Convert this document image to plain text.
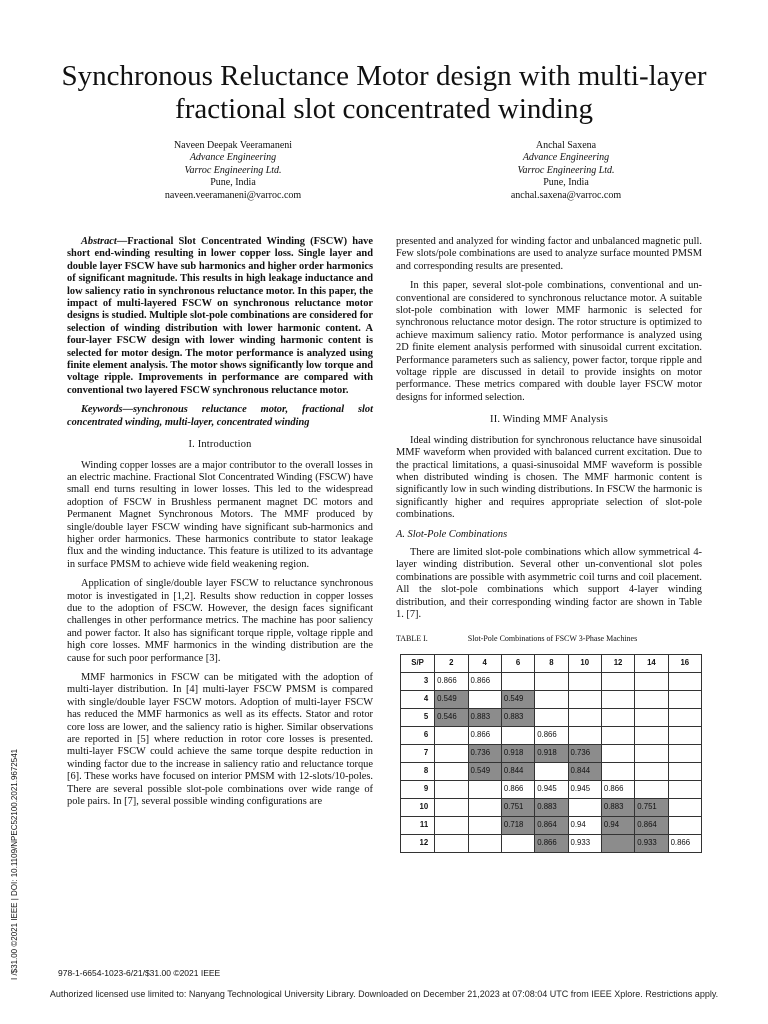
Synchronous Reluctance Motor design with multi-layer fractional slot concentrated winding
Naveen Deepak Veeramaneni
Advance Engineering
Varroc Engineering Ltd.
Pune, India
naveen.veeramaneni@varroc.com
Anchal Saxena
Advance Engineering
Varroc Engineering Ltd.
Pune, India
anchal.saxena@varroc.com

Abstract—Fractional Slot Concentrated Winding (FSCW) have short end-winding resulting in lower copper loss. Single layer and double layer FSCW have sub harmonics and higher order harmonics of significant magnitude. This results in high leakage inductance and low saliency ratio in synchronous reluctance motor. In this paper, the impact of multi-layered FSCW on synchronous reluctance motor designs is studied. Multiple slot-pole combinations are considered for selection of winding distribution with lower harmonic content. A four-layer FSCW design with lower winding harmonic content is selected for motor design. The motor performance is analyzed using finite element analysis. The motor shows significantly low torque and voltage ripple. Improvements in performance are compared with conventional two layered FSCW synchronous reluctance motor.

Keywords—synchronous reluctance motor, fractional slot concentrated winding, multi-layer, concentrated winding

I. Introduction

Winding copper losses are a major contributor to the overall losses in an electric machine. Fractional Slot Concentrated Winding (FSCW) have small end turns resulting in lower losses. This led to the widespread adoption of FSCW in Brushless permanent magnet DC motors and Permanent Magnet Synchronous Motors. The MMF produced by single/double layer FSCW winding have significant sub-harmonics and higher order harmonics. These harmonics contribute to stator leakage flux and the winding inductance. This feature is utilized to its advantage in surface PMSM to achieve wide field weakening region.

Application of single/double layer FSCW to reluctance synchronous motor is investigated in [1,2]. Results show reduction in copper losses due to the adoption of FSCW. However, the design faces significant challenges in other performance metrics. The machine has poor saliency and power factor. It also has significant torque ripple, voltage ripple and high core losses. MMF harmonics in the winding distribution are the cause for such poor performance [3].

MMF harmonics in FSCW can be mitigated with the adoption of multi-layer distribution. In [4] multi-layer FSCW PMSM is compared with single/double layer FSCW motors. Adoption of multi-layer FSCW has reduced the MMF harmonics as well as its effects. Stator and rotor core loss are lower, and the saliency ratio is higher. Similar observations are reported in [5] where reduction in rotor core losses is presented. multi-layer FSCW could achieve the same torque despite reduction in winding factor due to the increase in saliency ratio and reluctance torque [6]. These works have focused on interior PMSM with 12-slots/10-poles. There are several possible slot-pole combinations over wide range of pole pairs. In [7], several possible winding configurations are

presented and analyzed for winding factor and unbalanced magnetic pull. Few slots/pole combinations are used to analyze surface mounted PMSM and corresponding results are presented.

In this paper, several slot-pole combinations, conventional and un-conventional are considered to synchronous reluctance motor. A suitable slot-pole combination with lower MMF harmonic is selected for synchronous reluctance motor design. The rotor structure is optimized to achieve maximum saliency ratio. Motor performance is analyzed using 2D finite element analysis performed with sinusoidal current excitation. Performance parameters such as saliency, power factor, torque ripple and voltage ripple are discussed in detail to provide insights on motor performance. These metrics compared with double layer FSCW motor designs for informed selection.

II. Winding MMF Analysis

Ideal winding distribution for synchronous reluctance have sinusoidal MMF waveform when provided with balanced current excitation. Due to the practical limitations, a quasi-sinusoidal MMF waveform is possible when distributed winding is chosen. The MMF harmonic content is significantly low in such winding distributions. In FSCW the harmonic is significantly higher and requires appropriate selection of slot-pole combinations.

A. Slot-Pole Combinations

There are limited slot-pole combinations which allow symmetrical 4-layer winding distribution. Several other un-conventional slot poles combinations are possible with asymmetric coil turns and coil placement. All the slot-pole combinations which support 4-layer winding distribution, and their corresponding winding factor are shown in Table 1. [7].

TABLE I.	Slot-Pole Combinations of FSCW 3-Phase Machines
S/P	2	4	6	8	10	12	14	16
3	0.866	0.866						
4	0.549		0.549					
5	0.546	0.883	0.883					
6		0.866		0.866				
7		0.736	0.918	0.918	0.736			
8		0.549	0.844		0.844			
9			0.866	0.945	0.945	0.866		
10			0.751	0.883		0.883	0.751	
11			0.718	0.864	0.94	0.94	0.864	
12				0.866	0.933		0.933	0.866
I /$31.00 ©2021 IEEE | DOI: 10.1109/NPEC52100.2021.9672541	978-1-6654-1023-6/21/$31.00 ©2021 IEEE
Authorized licensed use limited to: Nanyang Technological University Library. Downloaded on December 21,2023 at 07:08:04 UTC from IEEE Xplore. Restrictions apply.
